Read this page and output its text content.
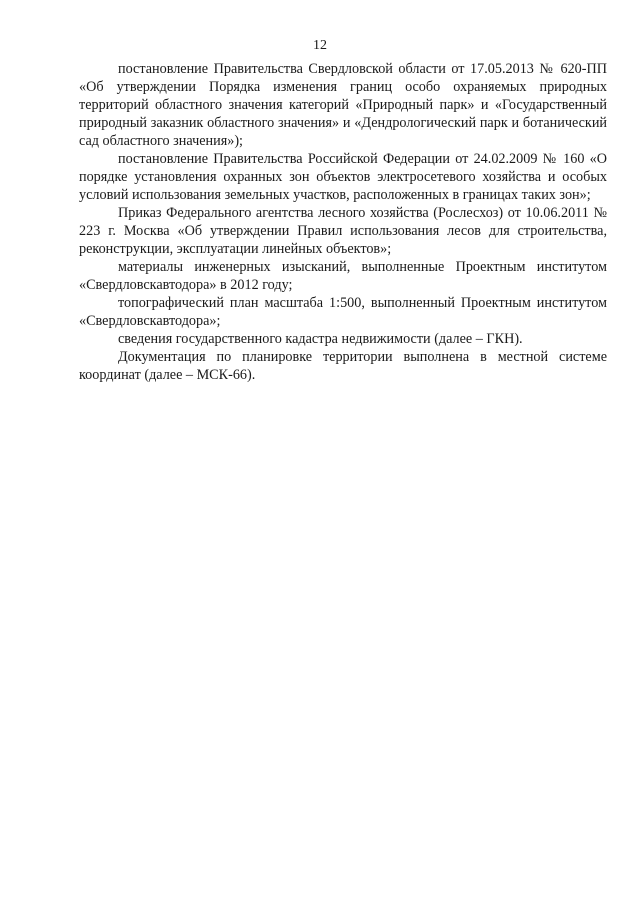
12

постановление Правительства Свердловской области от 17.05.2013 № 620-ПП «Об утверждении Порядка изменения границ особо охраняемых природных территорий областного значения категорий «Природный парк» и «Государственный природный заказник областного значения» и «Дендрологический парк и ботанический сад областного значения»);

постановление Правительства Российской Федерации от 24.02.2009 № 160 «О порядке установления охранных зон объектов электросетевого хозяйства и особых условий использования земельных участков, расположенных в границах таких зон»;

Приказ Федерального агентства лесного хозяйства (Рослесхоз) от 10.06.2011 № 223 г. Москва «Об утверждении Правил использования лесов для строительства, реконструкции, эксплуатации линейных объектов»;

материалы инженерных изысканий, выполненные Проектным институтом «Свердловскавтодора» в 2012 году;

топографический план масштаба 1:500, выполненный Проектным институтом «Свердловскавтодора»;

сведения государственного кадастра недвижимости (далее – ГКН).

Документация по планировке территории выполнена в местной системе координат (далее – МСК-66).
